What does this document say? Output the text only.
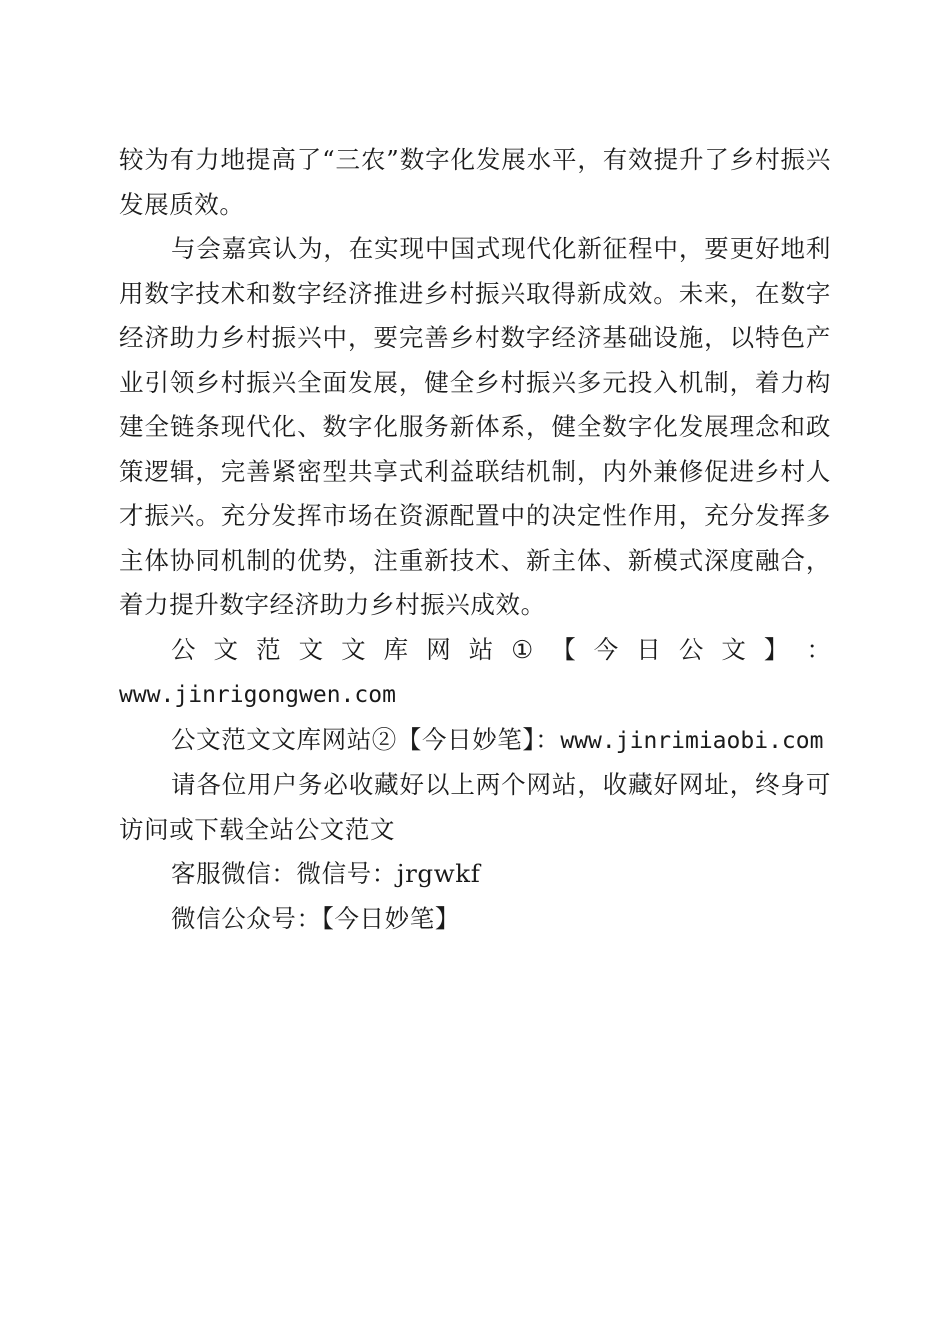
较为有力地提高了“三农”数字化发展水平，有效提升了乡村振兴发展质效。

与会嘉宾认为，在实现中国式现代化新征程中，要更好地利用数字技术和数字经济推进乡村振兴取得新成效。未来，在数字经济助力乡村振兴中，要完善乡村数字经济基础设施，以特色产业引领乡村振兴全面发展，健全乡村振兴多元投入机制，着力构建全链条现代化、数字化服务新体系，健全数字化发展理念和政策逻辑，完善紧密型共享式利益联结机制，内外兼修促进乡村人才振兴。充分发挥市场在资源配置中的决定性作用，充分发挥多主体协同机制的优势，注重新技术、新主体、新模式深度融合，着力提升数字经济助力乡村振兴成效。

公 文 范 文 文 库 网 站 ① 【 今 日 公 文 】 ：

www.jinrigongwen.com

公文范文文库网站②【今日妙笔】：www.jinrimiaobi.com

请各位用户务必收藏好以上两个网站，收藏好网址，终身可访问或下载全站公文范文

客服微信：微信号：jrgwkf

微信公众号：【今日妙笔】
